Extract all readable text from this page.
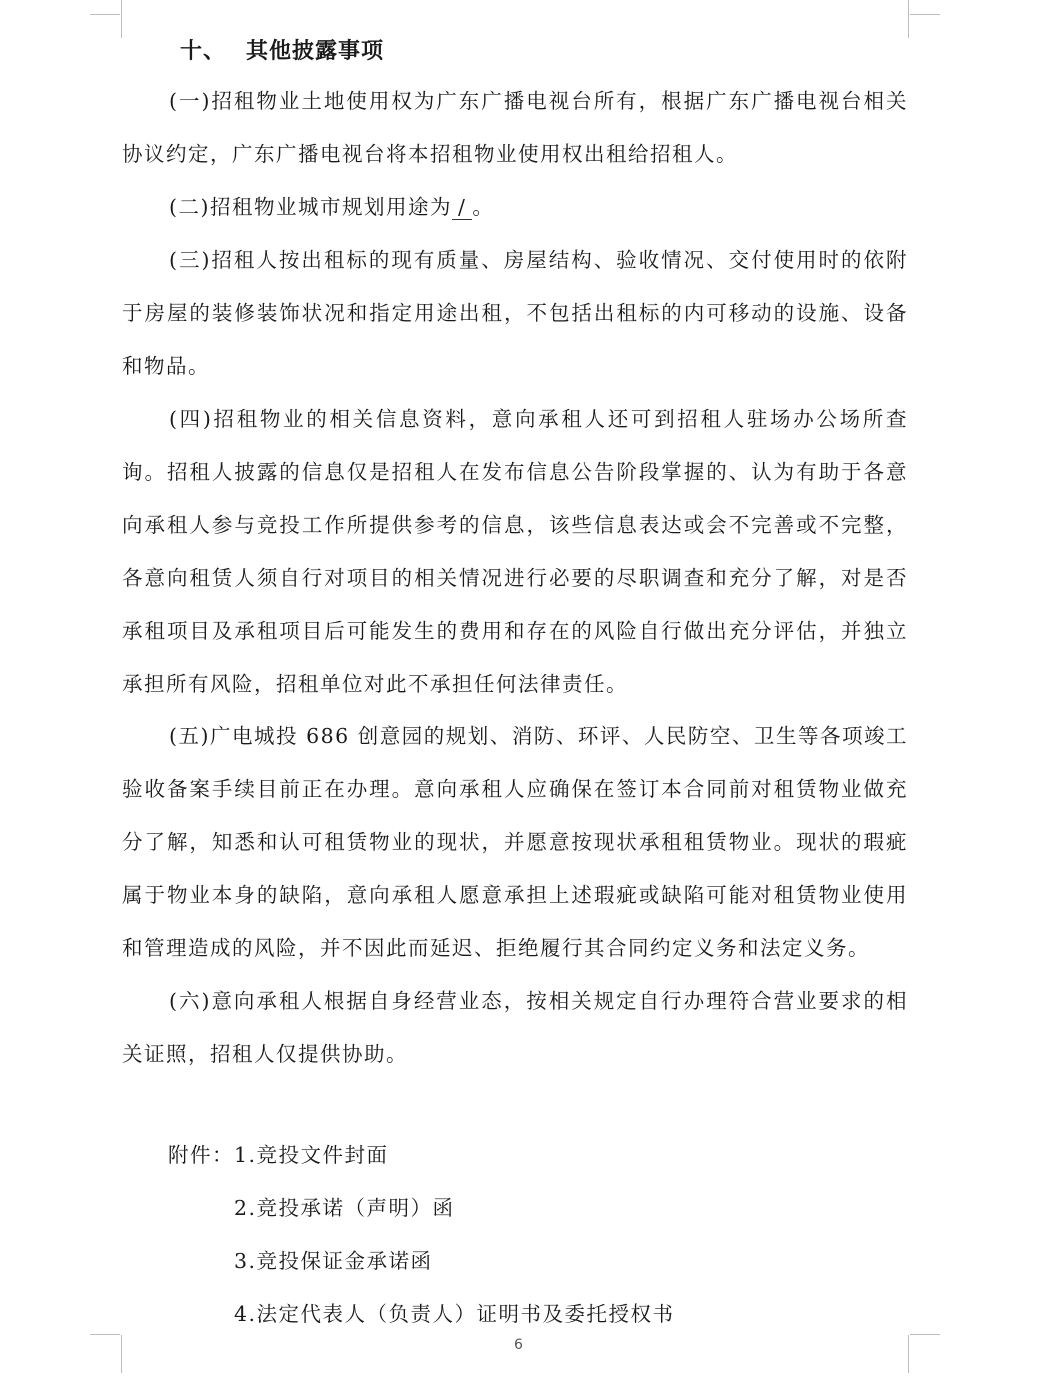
十、 其他披露事项

(一)招租物业土地使用权为广东广播电视台所有，根据广东广播电视台相关协议约定，广东广播电视台将本招租物业使用权出租给招租人。

(二)招租物业城市规划用途为 / 。

(三)招租人按出租标的现有质量、房屋结构、验收情况、交付使用时的依附于房屋的装修装饰状况和指定用途出租，不包括出租标的内可移动的设施、设备和物品。

(四)招租物业的相关信息资料，意向承租人还可到招租人驻场办公场所查询。招租人披露的信息仅是招租人在发布信息公告阶段掌握的、认为有助于各意向承租人参与竞投工作所提供参考的信息，该些信息表达或会不完善或不完整，各意向租赁人须自行对项目的相关情况进行必要的尽职调查和充分了解，对是否承租项目及承租项目后可能发生的费用和存在的风险自行做出充分评估，并独立承担所有风险，招租单位对此不承担任何法律责任。

(五)广电城投 686 创意园的规划、消防、环评、人民防空、卫生等各项竣工验收备案手续目前正在办理。意向承租人应确保在签订本合同前对租赁物业做充分了解，知悉和认可租赁物业的现状，并愿意按现状承租租赁物业。现状的瑕疵属于物业本身的缺陷，意向承租人愿意承担上述瑕疵或缺陷可能对租赁物业使用和管理造成的风险，并不因此而延迟、拒绝履行其合同约定义务和法定义务。

(六)意向承租人根据自身经营业态，按相关规定自行办理符合营业要求的相关证照，招租人仅提供协助。

附件：1.竞投文件封面
2.竞投承诺（声明）函
3.竞投保证金承诺函
4.法定代表人（负责人）证明书及委托授权书
6
